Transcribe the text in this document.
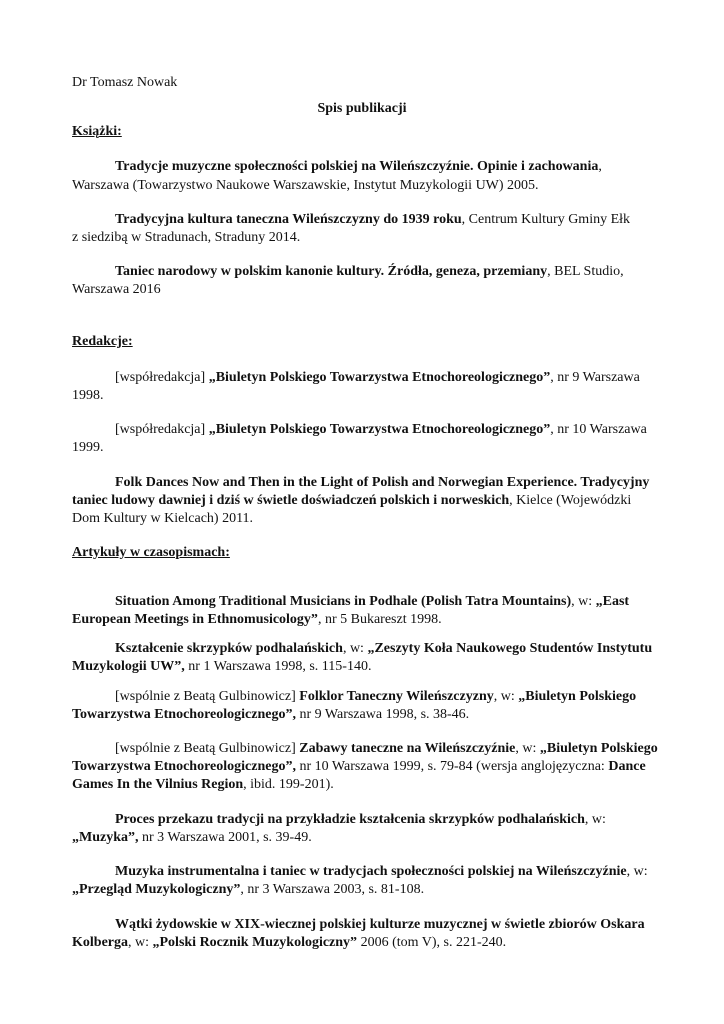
Dr Tomasz Nowak
Spis publikacji
Książki:
Tradycje muzyczne społeczności polskiej na Wileńszczyźnie. Opinie i zachowania,
Warszawa (Towarzystwo Naukowe Warszawskie, Instytut Muzykologii UW) 2005.
Tradycyjna kultura taneczna Wileńszczyzny do 1939 roku, Centrum Kultury Gminy Ełk
z siedzibą w Stradunach, Straduny 2014.
Taniec narodowy w polskim kanonie kultury. Źródła, geneza, przemiany, BEL Studio,
Warszawa 2016
Redakcje:
[współredakcja] „Biuletyn Polskiego Towarzystwa Etnochoreologicznego”, nr 9 Warszawa
1998.
[współredakcja] „Biuletyn Polskiego Towarzystwa Etnochoreologicznego”, nr 10 Warszawa
1999.
Folk Dances Now and Then in the Light of Polish and Norwegian Experience. Tradycyjny
taniec ludowy dawniej i dziś w świetle doświadczeń polskich i norweskich, Kielce (Wojewódzki
Dom Kultury w Kielcach) 2011.
Artykuły w czasopismach:
Situation Among Traditional Musicians in Podhale (Polish Tatra Mountains), w: „East
European Meetings in Ethnomusicology”, nr 5 Bukareszt 1998.
Kształcenie skrzypków podhalańskich, w: „Zeszyty Koła Naukowego Studentów Instytutu
Muzykologii UW”, nr 1 Warszawa 1998, s. 115-140.
[wspólnie z Beatą Gulbinowicz] Folklor Taneczny Wileńszczyzny, w: „Biuletyn Polskiego
Towarzystwa Etnochoreologicznego”, nr 9 Warszawa 1998, s. 38-46.
[wspólnie z Beatą Gulbinowicz] Zabawy taneczne na Wileńszczyźnie, w: „Biuletyn Polskiego
Towarzystwa Etnochoreologicznego”, nr 10 Warszawa 1999, s. 79-84 (wersja anglojęzyczna: Dance
Games In the Vilnius Region, ibid. 199-201).
Proces przekazu tradycji na przykładzie kształcenia skrzypków podhalańskich, w:
„Muzyka”, nr 3 Warszawa 2001, s. 39-49.
Muzyka instrumentalna i taniec w tradycjach społeczności polskiej na Wileńszczyźnie, w:
„Przegląd Muzykologiczny”, nr 3 Warszawa 2003, s. 81-108.
Wątki żydowskie w XIX-wiecznej polskiej kulturze muzycznej w świetle zbiorów Oskara
Kolberga, w: „Polski Rocznik Muzykologiczny” 2006 (tom V), s. 221-240.
